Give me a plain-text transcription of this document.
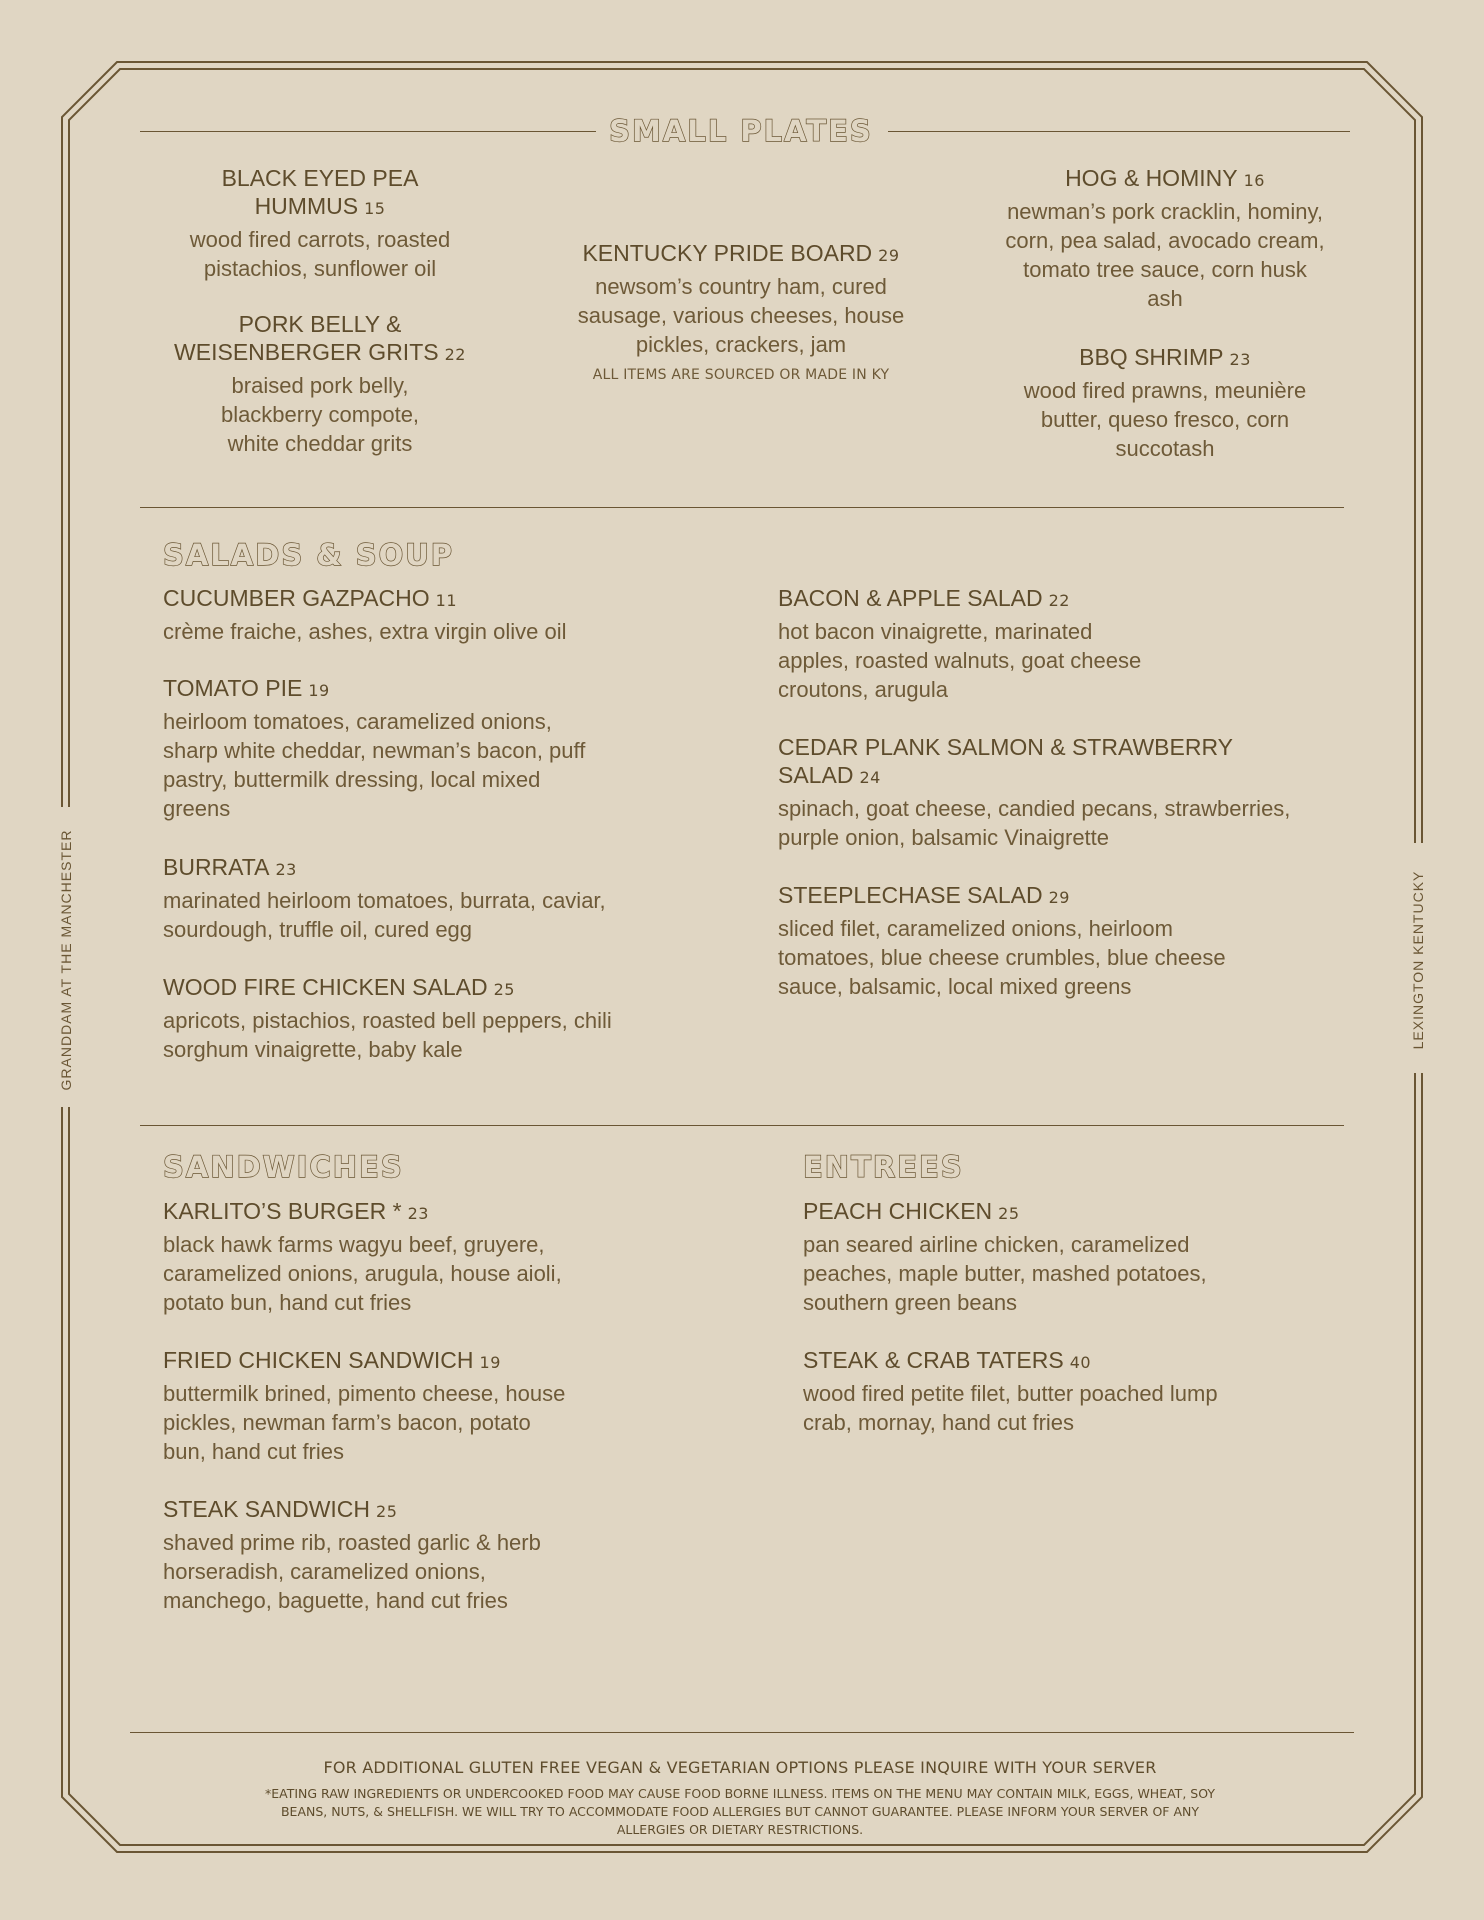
GRANDDAM AT THE MANCHESTER	LEXINGTON KENTUCKY
SMALL PLATES
BLACK EYED PEA HUMMUS 15
wood fired carrots, roasted pistachios, sunflower oil
PORK BELLY & WEISENBERGER GRITS 22
braised pork belly, blackberry compote, white cheddar grits
KENTUCKY PRIDE BOARD 29
newsom’s country ham, cured sausage, various cheeses, house pickles, crackers, jam
ALL ITEMS ARE SOURCED OR MADE IN KY
HOG & HOMINY 16
newman’s pork cracklin, hominy, corn, pea salad, avocado cream, tomato tree sauce, corn husk ash
BBQ SHRIMP 23
wood fired prawns, meunière butter, queso fresco, corn succotash
SALADS & SOUP
CUCUMBER GAZPACHO 11
crème fraiche, ashes, extra virgin olive oil
TOMATO PIE 19
heirloom tomatoes, caramelized onions, sharp white cheddar, newman’s bacon, puff pastry, buttermilk dressing, local mixed greens
BURRATA 23
marinated heirloom tomatoes, burrata, caviar, sourdough, truffle oil, cured egg
WOOD FIRE CHICKEN SALAD 25
apricots, pistachios, roasted bell peppers, chili sorghum vinaigrette, baby kale
BACON & APPLE SALAD 22
hot bacon vinaigrette, marinated apples, roasted walnuts, goat cheese croutons, arugula
CEDAR PLANK SALMON & STRAWBERRY SALAD 24
spinach, goat cheese, candied pecans, strawberries, purple onion, balsamic Vinaigrette
STEEPLECHASE SALAD 29
sliced filet, caramelized onions, heirloom tomatoes, blue cheese crumbles, blue cheese sauce, balsamic, local mixed greens
SANDWICHES
KARLITO’S BURGER * 23
black hawk farms wagyu beef, gruyere, caramelized onions, arugula, house aioli, potato bun, hand cut fries
FRIED CHICKEN SANDWICH 19
buttermilk brined, pimento cheese, house pickles, newman farm’s bacon, potato bun, hand cut fries
STEAK SANDWICH 25
shaved prime rib, roasted garlic & herb horseradish, caramelized onions, manchego, baguette, hand cut fries
ENTREES
PEACH CHICKEN 25
pan seared airline chicken, caramelized peaches, maple butter, mashed potatoes, southern green beans
STEAK & CRAB TATERS 40
wood fired petite filet, butter poached lump crab, mornay, hand cut fries
FOR ADDITIONAL GLUTEN FREE VEGAN & VEGETARIAN OPTIONS PLEASE INQUIRE WITH YOUR SERVER
*EATING RAW INGREDIENTS OR UNDERCOOKED FOOD MAY CAUSE FOOD BORNE ILLNESS. ITEMS ON THE MENU MAY CONTAIN MILK, EGGS, WHEAT, SOY BEANS, NUTS, & SHELLFISH. WE WILL TRY TO ACCOMMODATE FOOD ALLERGIES BUT CANNOT GUARANTEE. PLEASE INFORM YOUR SERVER OF ANY ALLERGIES OR DIETARY RESTRICTIONS.
